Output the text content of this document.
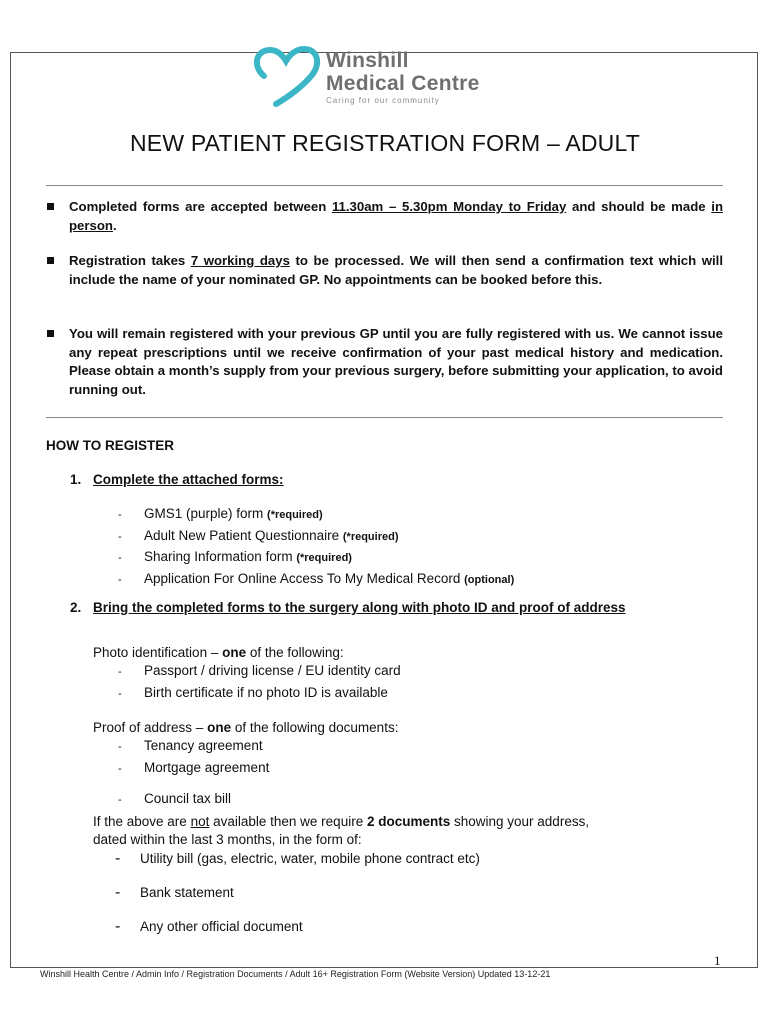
Winshill
Medical Centre
Caring for our community
NEW PATIENT REGISTRATION FORM – ADULT
Completed forms are accepted between 11.30am – 5.30pm Monday to Friday and should be made in person.
Registration takes 7 working days to be processed. We will then send a confirmation text which will include the name of your nominated GP. No appointments can be booked before this.
You will remain registered with your previous GP until you are fully registered with us. We cannot issue any repeat prescriptions until we receive confirmation of your past medical history and medication. Please obtain a month’s supply from your previous surgery, before submitting your application, to avoid running out.
HOW TO REGISTER
1. Complete the attached forms:
- GMS1 (purple) form (*required)
- Adult New Patient Questionnaire (*required)
- Sharing Information form (*required)
- Application For Online Access To My Medical Record (optional)
2. Bring the completed forms to the surgery along with photo ID and proof of address
Photo identification – one of the following:
- Passport / driving license / EU identity card
- Birth certificate if no photo ID is available
Proof of address – one of the following documents:
- Tenancy agreement
- Mortgage agreement
- Council tax bill
If the above are not available then we require 2 documents showing your address,
dated within the last 3 months, in the form of:
- Utility bill (gas, electric, water, mobile phone contract etc)
- Bank statement
- Any other official document
1
Winshill Health Centre / Admin Info / Registration Documents / Adult 16+ Registration Form (Website Version) Updated 13-12-21
